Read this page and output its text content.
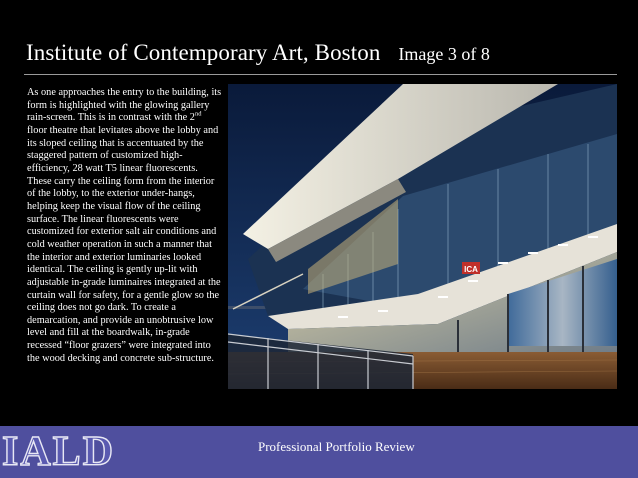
Institute of Contemporary Art, Boston Image 3 of 8
As one approaches the entry to the building, its form is highlighted with the glowing gallery rain-screen. This is in contrast with the 2nd floor theatre that levitates above the lobby and its sloped ceiling that is accentuated by the staggered pattern of customized high-efficiency, 28 watt T5 linear fluorescents. These carry the ceiling form from the interior of the lobby, to the exterior under-hangs, helping keep the visual flow of the ceiling surface. The linear fluorescents were customized for exterior salt air conditions and cold weather operation in such a manner that the interior and exterior luminaries looked identical. The ceiling is gently up-lit with adjustable in-grade luminaires integrated at the curtain wall for safety, for a gentle glow so the ceiling does not go dark. To create a demarcation, and provide an unobtrusive low level and fill at the boardwalk, in-grade recessed “floor grazers” were integrated into the wood decking and concrete sub-structure.
ICA
IALD	Professional Portfolio Review
